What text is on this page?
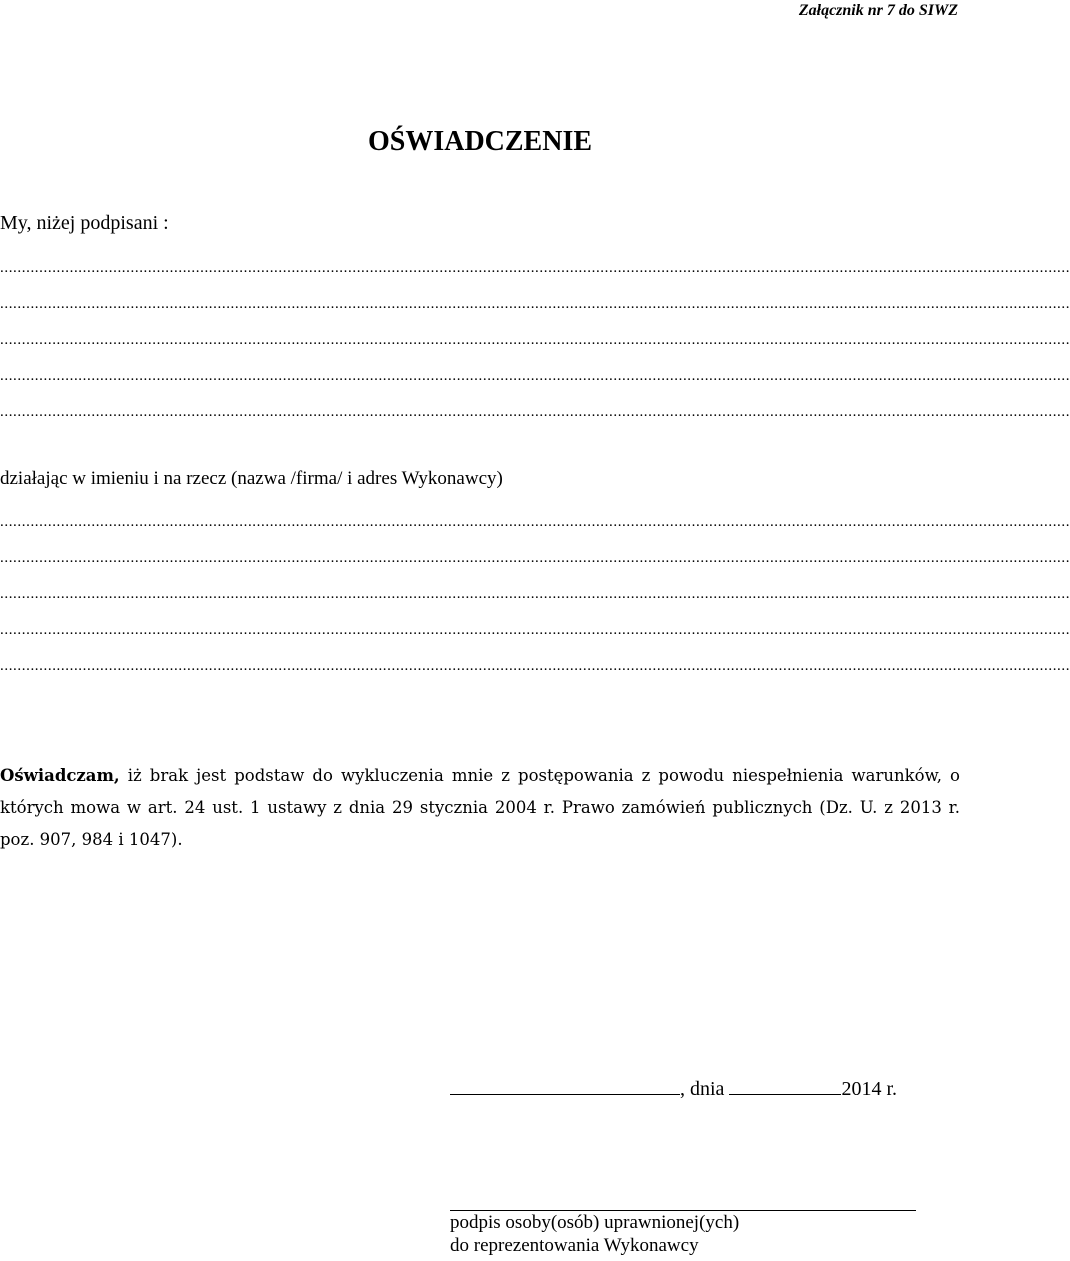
Załącznik nr 7 do SIWZ
OŚWIADCZENIE
My, niżej podpisani :
......................................................................................................................................................................................................................................................
......................................................................................................................................................................................................................................................
......................................................................................................................................................................................................................................................
......................................................................................................................................................................................................................................................
......................................................................................................................................................................................................................................................
działając w imieniu i na rzecz (nazwa /firma/ i adres Wykonawcy)
......................................................................................................................................................................................................................................................
......................................................................................................................................................................................................................................................
......................................................................................................................................................................................................................................................
......................................................................................................................................................................................................................................................
......................................................................................................................................................................................................................................................
Oświadczam, iż brak jest podstaw do wykluczenia mnie z postępowania z powodu niespełnienia warunków, o których mowa w art. 24 ust. 1 ustawy z dnia 29 stycznia 2004 r. Prawo zamówień publicznych (Dz. U. z 2013 r. poz. 907, 984 i 1047).
, dnia	2014 r.
podpis osoby(osób) uprawnionej(ych)
do reprezentowania Wykonawcy
